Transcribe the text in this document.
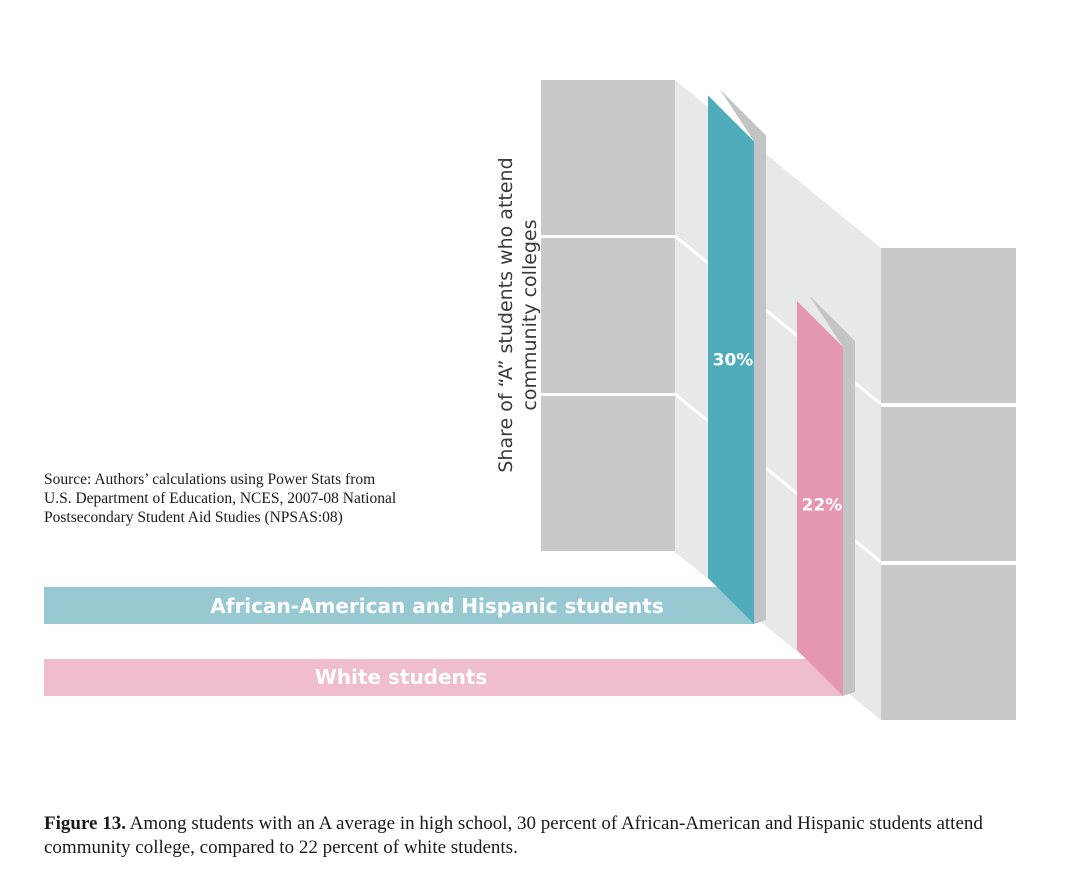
30%
22%
African-American and Hispanic students
White students
Share of “A” students who attend community colleges
Source: Authors’ calculations using Power Stats from U.S. Department of Education, NCES, 2007-08 National Postsecondary Student Aid Studies (NPSAS:08)
Figure 13. Among students with an A average in high school, 30 percent of African-American and Hispanic students attend community college, compared to 22 percent of white students.
